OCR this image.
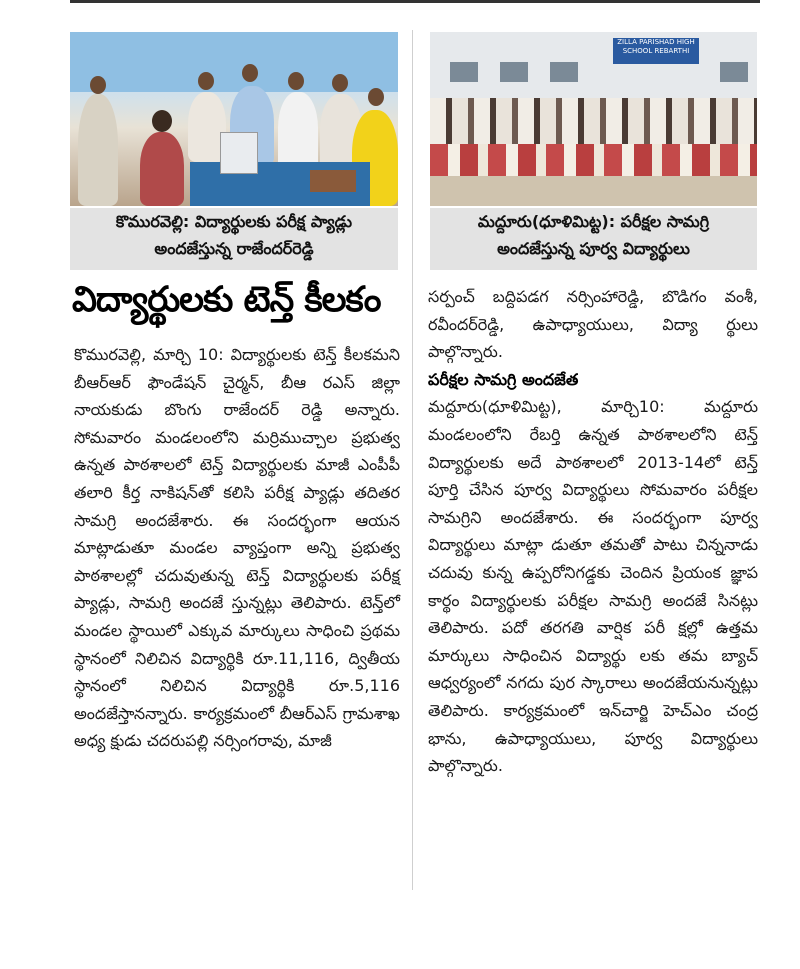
ZILLA PARISHAD HIGH SCHOOL REBARTHI
కొమురవెల్లి: విద్యార్థులకు పరీక్ష ప్యాడ్లు
అందజేస్తున్న రాజేందర్‌రెడ్డి
మద్దూరు(ధూళిమిట్ట): పరీక్షల సామగ్రి
అందజేస్తున్న పూర్వ విద్యార్థులు
విద్యార్థులకు టెన్త్ కీలకం

కొమురవెల్లి, మార్చి 10: విద్యార్థులకు టెన్త్ కీలకమని బీఆర్‌ఆర్ ఫౌండేషన్ చైర్మన్, బీఆ రఎస్ జిల్లా నాయకుడు బొంగు రాజేందర్ రెడ్డి అన్నారు. సోమవారం మండలంలోని మర్రిముచ్చాల ప్రభుత్వ ఉన్నత పాఠశాలలో టెన్త్ విద్యార్థులకు మాజీ ఎంపీపీ తలారి కీర్త నాకిషన్‌తో కలిసి పరీక్ష ప్యాడ్లు తదితర సామగ్రి అందజేశారు. ఈ సందర్భంగా ఆయన మాట్లాడుతూ మండల వ్యాప్తంగా అన్ని ప్రభుత్వ పాఠశాలల్లో చదువుతున్న టెన్త్ విద్యార్థులకు పరీక్ష ప్యాడ్లు, సామగ్రి అందజే స్తున్నట్లు తెలిపారు. టెన్త్‌లో మండల స్థాయిలో ఎక్కువ మార్కులు సాధించి ప్రథమ స్థానంలో నిలిచిన విద్యార్థికి రూ.11,116, ద్వితీయ స్థానంలో నిలిచిన విద్యార్థికి రూ.5,116 అందజేస్తానన్నారు. కార్యక్రమంలో బీఆర్‌ఎస్ గ్రామశాఖ అధ్య క్షుడు చదరుపల్లి నర్సింగరావు, మాజీ

సర్పంచ్ బద్దిపడగ నర్సింహారెడ్డి, బొడిగం వంశీ, రవీందర్‌రెడ్డి, ఉపాధ్యాయులు, విద్యా ర్థులు పాల్గొన్నారు.

పరీక్షల సామగ్రి అందజేత

మద్దూరు(ధూళిమిట్ట), మార్చి10: మద్దూరు మండలంలోని రేబర్తి ఉన్నత పాఠశాలలోని టెన్త్ విద్యార్థులకు అదే పాఠశాలలో 2013-14లో టెన్త్ పూర్తి చేసిన పూర్వ విద్యార్థులు సోమవారం పరీక్షల సామగ్రిని అందజేశారు. ఈ సందర్భంగా పూర్వ విద్యార్థులు మాట్లా డుతూ తమతో పాటు చిన్ననాడు చదువు కున్న ఉప్పరోనిగడ్డకు చెందిన ప్రియంక జ్ఞాప కార్థం విద్యార్థులకు పరీక్షల సామగ్రి అందజే సినట్లు తెలిపారు. పదో తరగతి వార్షిక పరీ క్షల్లో ఉత్తమ మార్కులు సాధించిన విద్యార్థు లకు తమ బ్యాచ్ ఆధ్వర్యంలో నగదు పుర స్కారాలు అందజేయనున్నట్లు తెలిపారు. కార్యక్రమంలో ఇన్‌చార్జి హెచ్‌ఎం చంద్ర భాను, ఉపాధ్యాయులు, పూర్వ విద్యార్థులు పాల్గొన్నారు.
